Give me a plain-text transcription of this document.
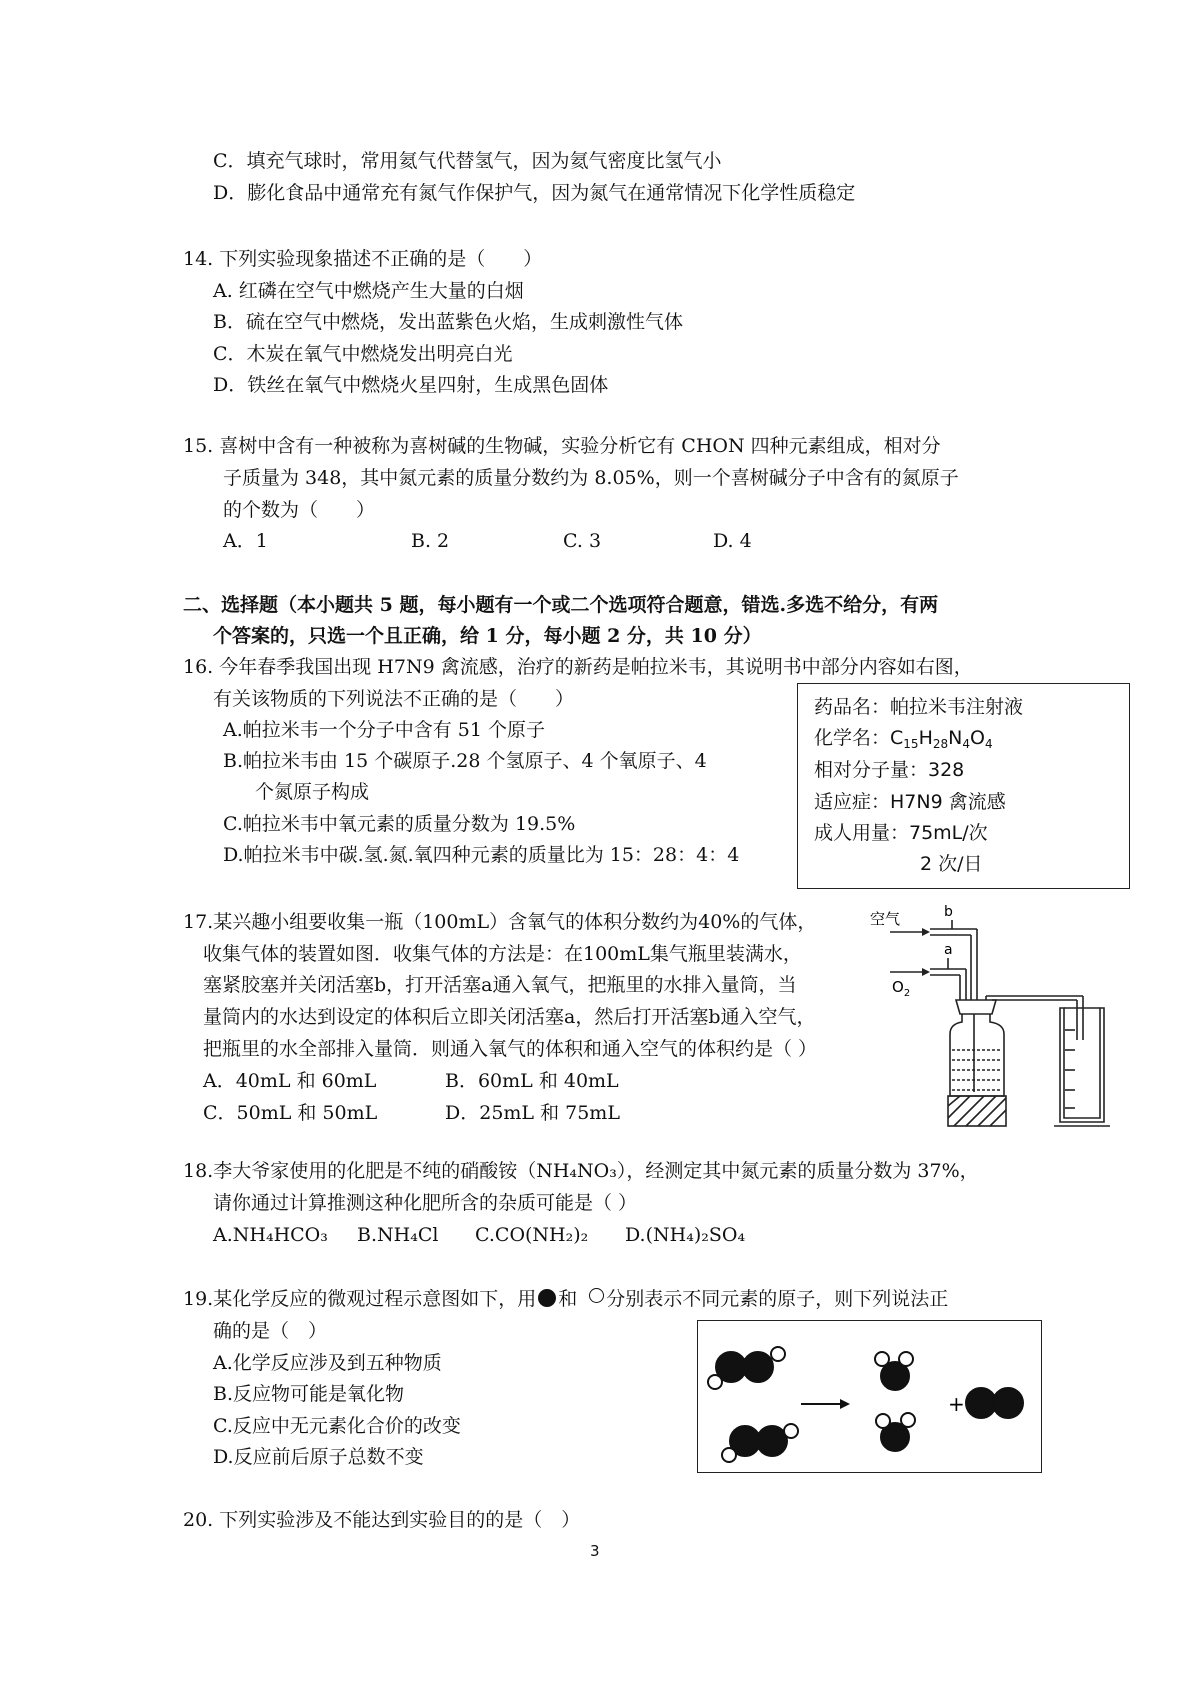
C．填充气球时，常用氦气代替氢气，因为氦气密度比氢气小
D．膨化食品中通常充有氮气作保护气，因为氮气在通常情况下化学性质稳定
14. 下列实验现象描述不正确的是（　　）
A. 红磷在空气中燃烧产生大量的白烟
B．硫在空气中燃烧，发出蓝紫色火焰，生成刺激性气体
C．木炭在氧气中燃烧发出明亮白光
D．铁丝在氧气中燃烧火星四射，生成黑色固体
15. 喜树中含有一种被称为喜树碱的生物碱，实验分析它有 CHON 四种元素组成，相对分
子质量为 348，其中氮元素的质量分数约为 8.05%，则一个喜树碱分子中含有的氮原子
的个数为（　　）
A．1	B. 2	C. 3	D. 4
二、选择题（本小题共 5 题，每小题有一个或二个选项符合题意，错选.多选不给分，有两
个答案的，只选一个且正确，给 1 分，每小题 2 分，共 10 分）
16. 今年春季我国出现 H7N9 禽流感，治疗的新药是帕拉米韦，其说明书中部分内容如右图，
有关该物质的下列说法不正确的是（　　）
A.帕拉米韦一个分子中含有 51 个原子
B.帕拉米韦由 15 个碳原子.28 个氢原子、4 个氧原子、4
个氮原子构成
C.帕拉米韦中氧元素的质量分数为 19.5%
D.帕拉米韦中碳.氢.氮.氧四种元素的质量比为 15：28：4：4
药品名：帕拉米韦注射液
化学名：$C_{15}H_{28}N_4O_4$
相对分子量：328
适应症：H7N9 禽流感
成人用量：75mL/次
2 次/日
17.某兴趣小组要收集一瓶（100mL）含氧气的体积分数约为40%的气体，
收集气体的装置如图．收集气体的方法是：在100mL集气瓶里装满水，
塞紧胶塞并关闭活塞b，打开活塞a通入氧气，把瓶里的水排入量筒，当
量筒内的水达到设定的体积后立即关闭活塞a，然后打开活塞b通入空气，
把瓶里的水全部排入量筒．则通入氧气的体积和通入空气的体积约是（ ）
A．40mL 和 60mL	B．60mL 和 40mL
C．50mL 和 50mL	D．25mL 和 75mL
空气	b
a
$O_2$
18.李大爷家使用的化肥是不纯的硝酸铵（NH₄NO₃），经测定其中氮元素的质量分数为 37%，
请你通过计算推测这种化肥所含的杂质可能是（ ）
A.NH₄HCO₃ B.NH₄Cl C.CO(NH₂)₂ D.(NH₄)₂SO₄
19.某化学反应的微观过程示意图如下，用 和 分别表示不同元素的原子，则下列说法正
确的是（　）
A.化学反应涉及到五种物质
B.反应物可能是氧化物
C.反应中无元素化合价的改变
D.反应前后原子总数不变
+
20. 下列实验涉及不能达到实验目的的是（　）
3
